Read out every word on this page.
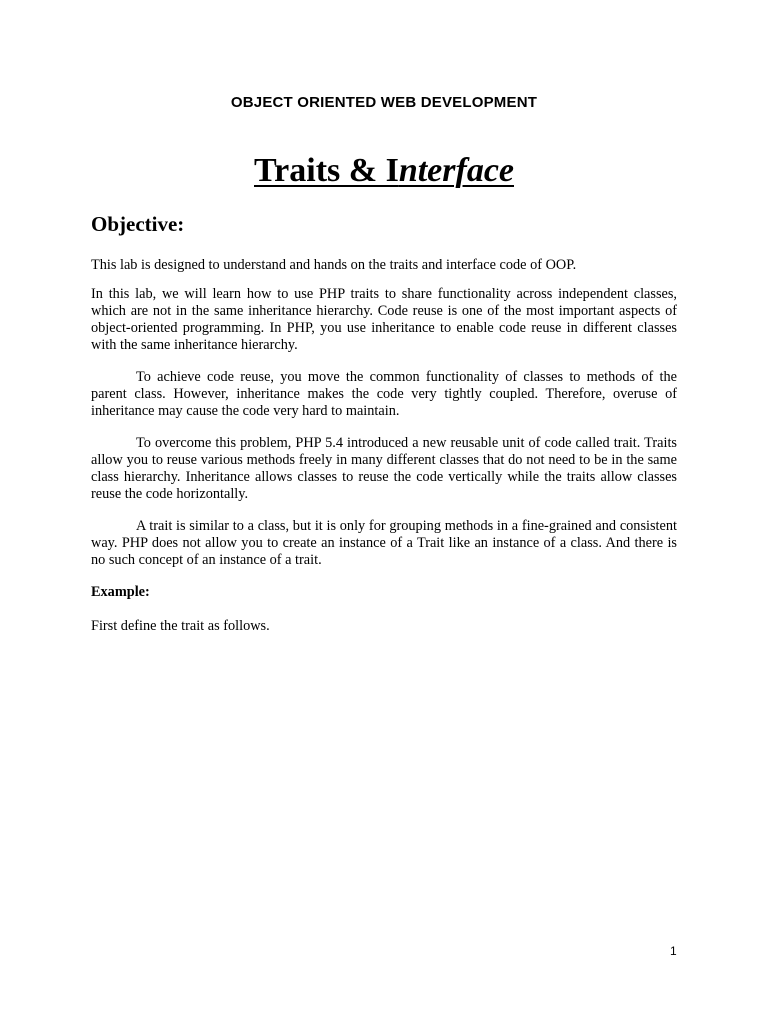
OBJECT ORIENTED WEB DEVELOPMENT
Traits & Interface
Objective:

This lab is designed to understand and hands on the traits and interface code of OOP.

In this lab, we will learn how to use PHP traits to share functionality across independent classes, which are not in the same inheritance hierarchy. Code reuse is one of the most important aspects of object-oriented programming. In PHP, you use inheritance to enable code reuse in different classes with the same inheritance hierarchy.

To achieve code reuse, you move the common functionality of classes to methods of the parent class. However, inheritance makes the code very tightly coupled. Therefore, overuse of inheritance may cause the code very hard to maintain.

To overcome this problem, PHP 5.4 introduced a new reusable unit of code called trait. Traits allow you to reuse various methods freely in many different classes that do not need to be in the same class hierarchy. Inheritance allows classes to reuse the code vertically while the traits allow classes reuse the code horizontally.

A trait is similar to a class, but it is only for grouping methods in a fine-grained and consistent way. PHP does not allow you to create an instance of a Trait like an instance of a class. And there is no such concept of an instance of a trait.

Example:

First define the trait as follows.

1
